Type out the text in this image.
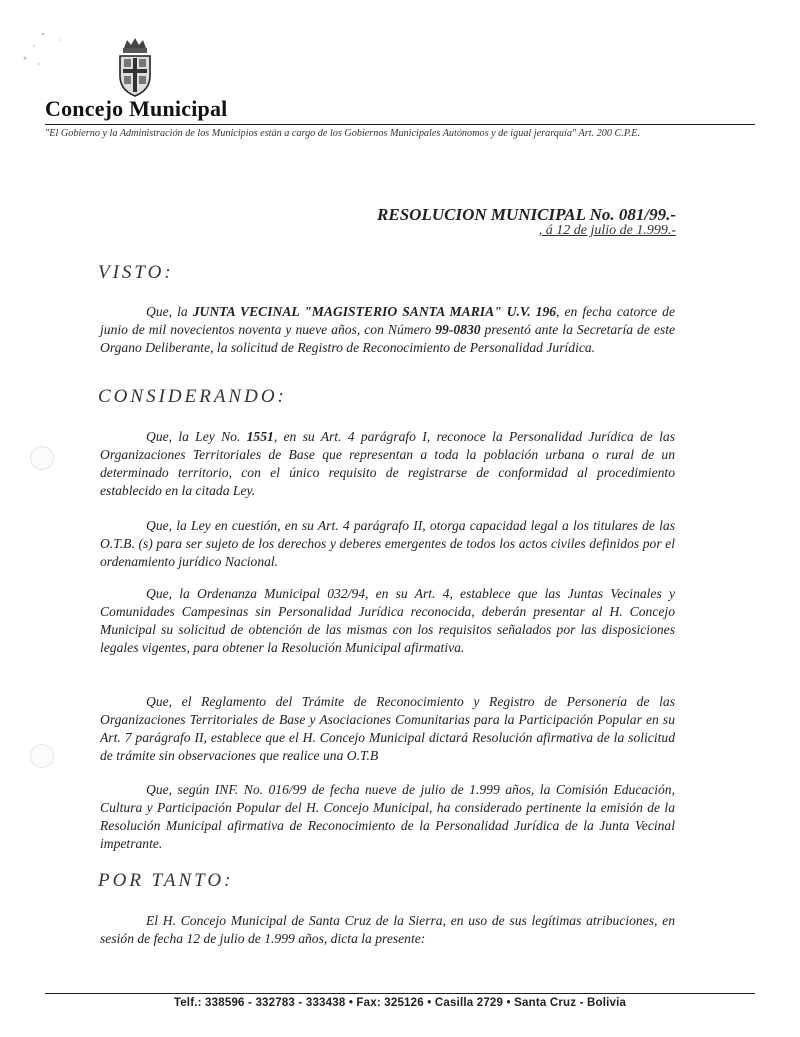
Concejo Municipal
"El Gobierno y la Administración de los Municipios están a cargo de los Gobiernos Municipales Autónomos y de igual jerarquía" Art. 200 C.P.E.
RESOLUCION MUNICIPAL No. 081/99.-
, á 12 de julio de 1.999.-
VISTO:
Que, la JUNTA VECINAL "MAGISTERIO SANTA MARIA" U.V. 196, en fecha catorce de junio de mil novecientos noventa y nueve años, con Número 99-0830 presentó ante la Secretaría de este Organo Deliberante, la solicitud de Registro de Reconocimiento de Personalidad Jurídica.
CONSIDERANDO:
Que, la Ley No. 1551, en su Art. 4 parágrafo I, reconoce la Personalidad Jurídica de las Organizaciones Territoriales de Base que representan a toda la población urbana o rural de un determinado territorio, con el único requisito de registrarse de conformidad al procedimiento establecido en la citada Ley.
Que, la Ley en cuestión, en su Art. 4 parágrafo II, otorga capacidad legal a los titulares de las O.T.B. (s) para ser sujeto de los derechos y deberes emergentes de todos los actos civiles definidos por el ordenamiento jurídico Nacional.
Que, la Ordenanza Municipal 032/94, en su Art. 4, establece que las Juntas Vecinales y Comunidades Campesinas sin Personalidad Jurídica reconocida, deberán presentar al H. Concejo Municipal su solicitud de obtención de las mismas con los requisitos señalados por las disposiciones legales vigentes, para obtener la Resolución Municipal afirmativa.
Que, el Reglamento del Trámite de Reconocimiento y Registro de Personería de las Organizaciones Territoriales de Base y Asociaciones Comunitarias para la Participación Popular en su Art. 7 parágrafo II, establece que el H. Concejo Municipal dictará Resolución afirmativa de la solicitud de trámite sin observaciones que realice una O.T.B
Que, según INF. No. 016/99 de fecha nueve de julio de 1.999 años, la Comisión Educación, Cultura y Participación Popular del H. Concejo Municipal, ha considerado pertinente la emisión de la Resolución Municipal afirmativa de Reconocimiento de la Personalidad Jurídica de la Junta Vecinal impetrante.
POR TANTO:
El H. Concejo Municipal de Santa Cruz de la Sierra, en uso de sus legítimas atribuciones, en sesión de fecha 12 de julio de 1.999 años, dicta la presente:
Telf.: 338596 - 332783 - 333438 • Fax: 325126 • Casilla 2729 • Santa Cruz - Bolivia
